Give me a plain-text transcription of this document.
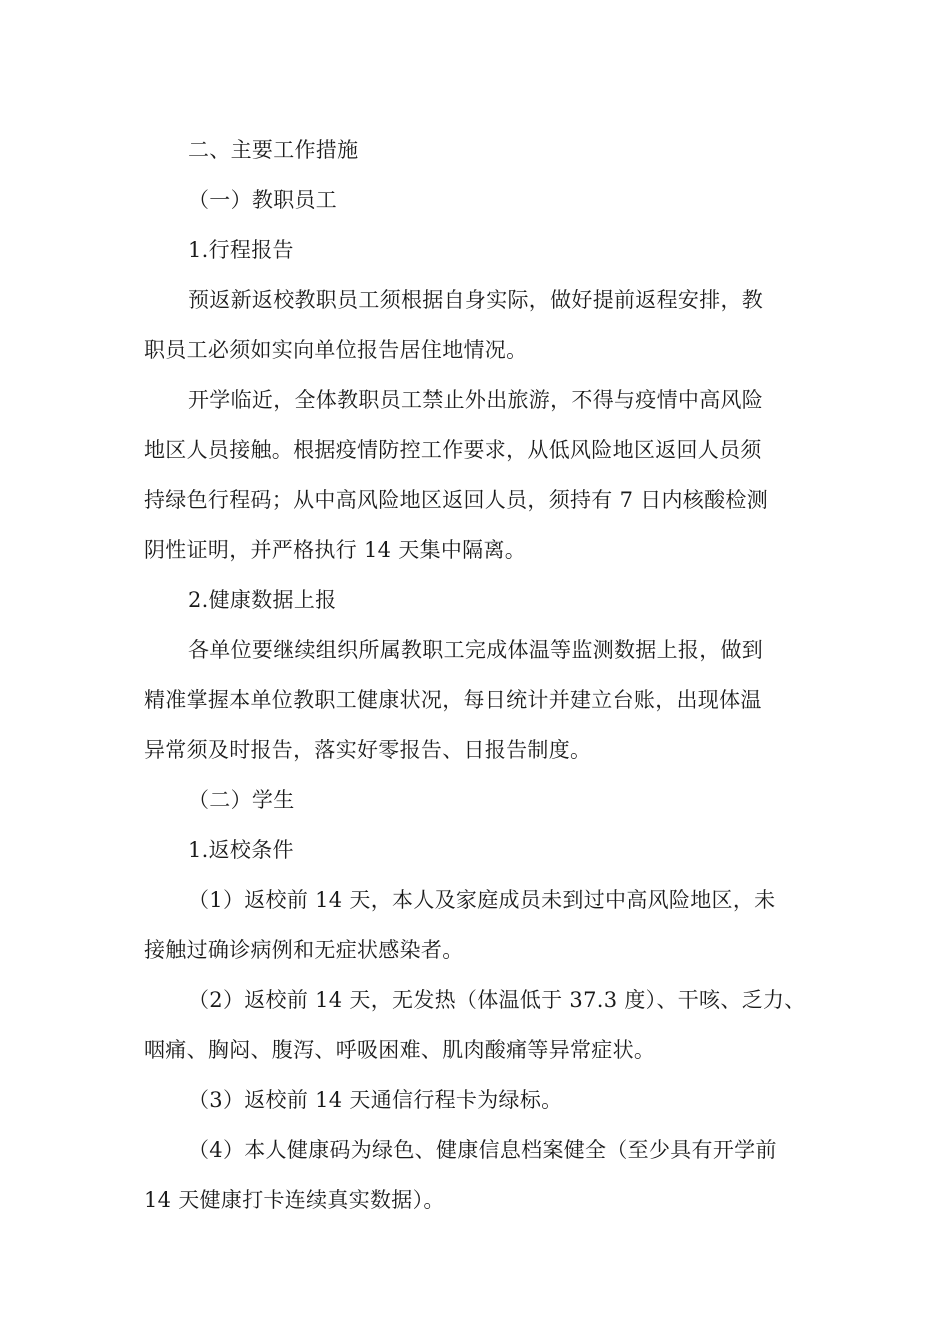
二、主要工作措施

（一）教职员工

1.行程报告

预返新返校教职员工须根据自身实际，做好提前返程安排，教

职员工必须如实向单位报告居住地情况。

开学临近，全体教职员工禁止外出旅游，不得与疫情中高风险

地区人员接触。根据疫情防控工作要求，从低风险地区返回人员须

持绿色行程码；从中高风险地区返回人员，须持有 7 日内核酸检测

阴性证明，并严格执行 14 天集中隔离。

2.健康数据上报

各单位要继续组织所属教职工完成体温等监测数据上报，做到

精准掌握本单位教职工健康状况，每日统计并建立台账，出现体温

异常须及时报告，落实好零报告、日报告制度。

（二）学生

1.返校条件

（1）返校前 14 天，本人及家庭成员未到过中高风险地区，未

接触过确诊病例和无症状感染者。

（2）返校前 14 天，无发热（体温低于 37.3 度）、干咳、乏力、

咽痛、胸闷、腹泻、呼吸困难、肌肉酸痛等异常症状。

（3）返校前 14 天通信行程卡为绿标。

（4）本人健康码为绿色、健康信息档案健全（至少具有开学前

14 天健康打卡连续真实数据）。
